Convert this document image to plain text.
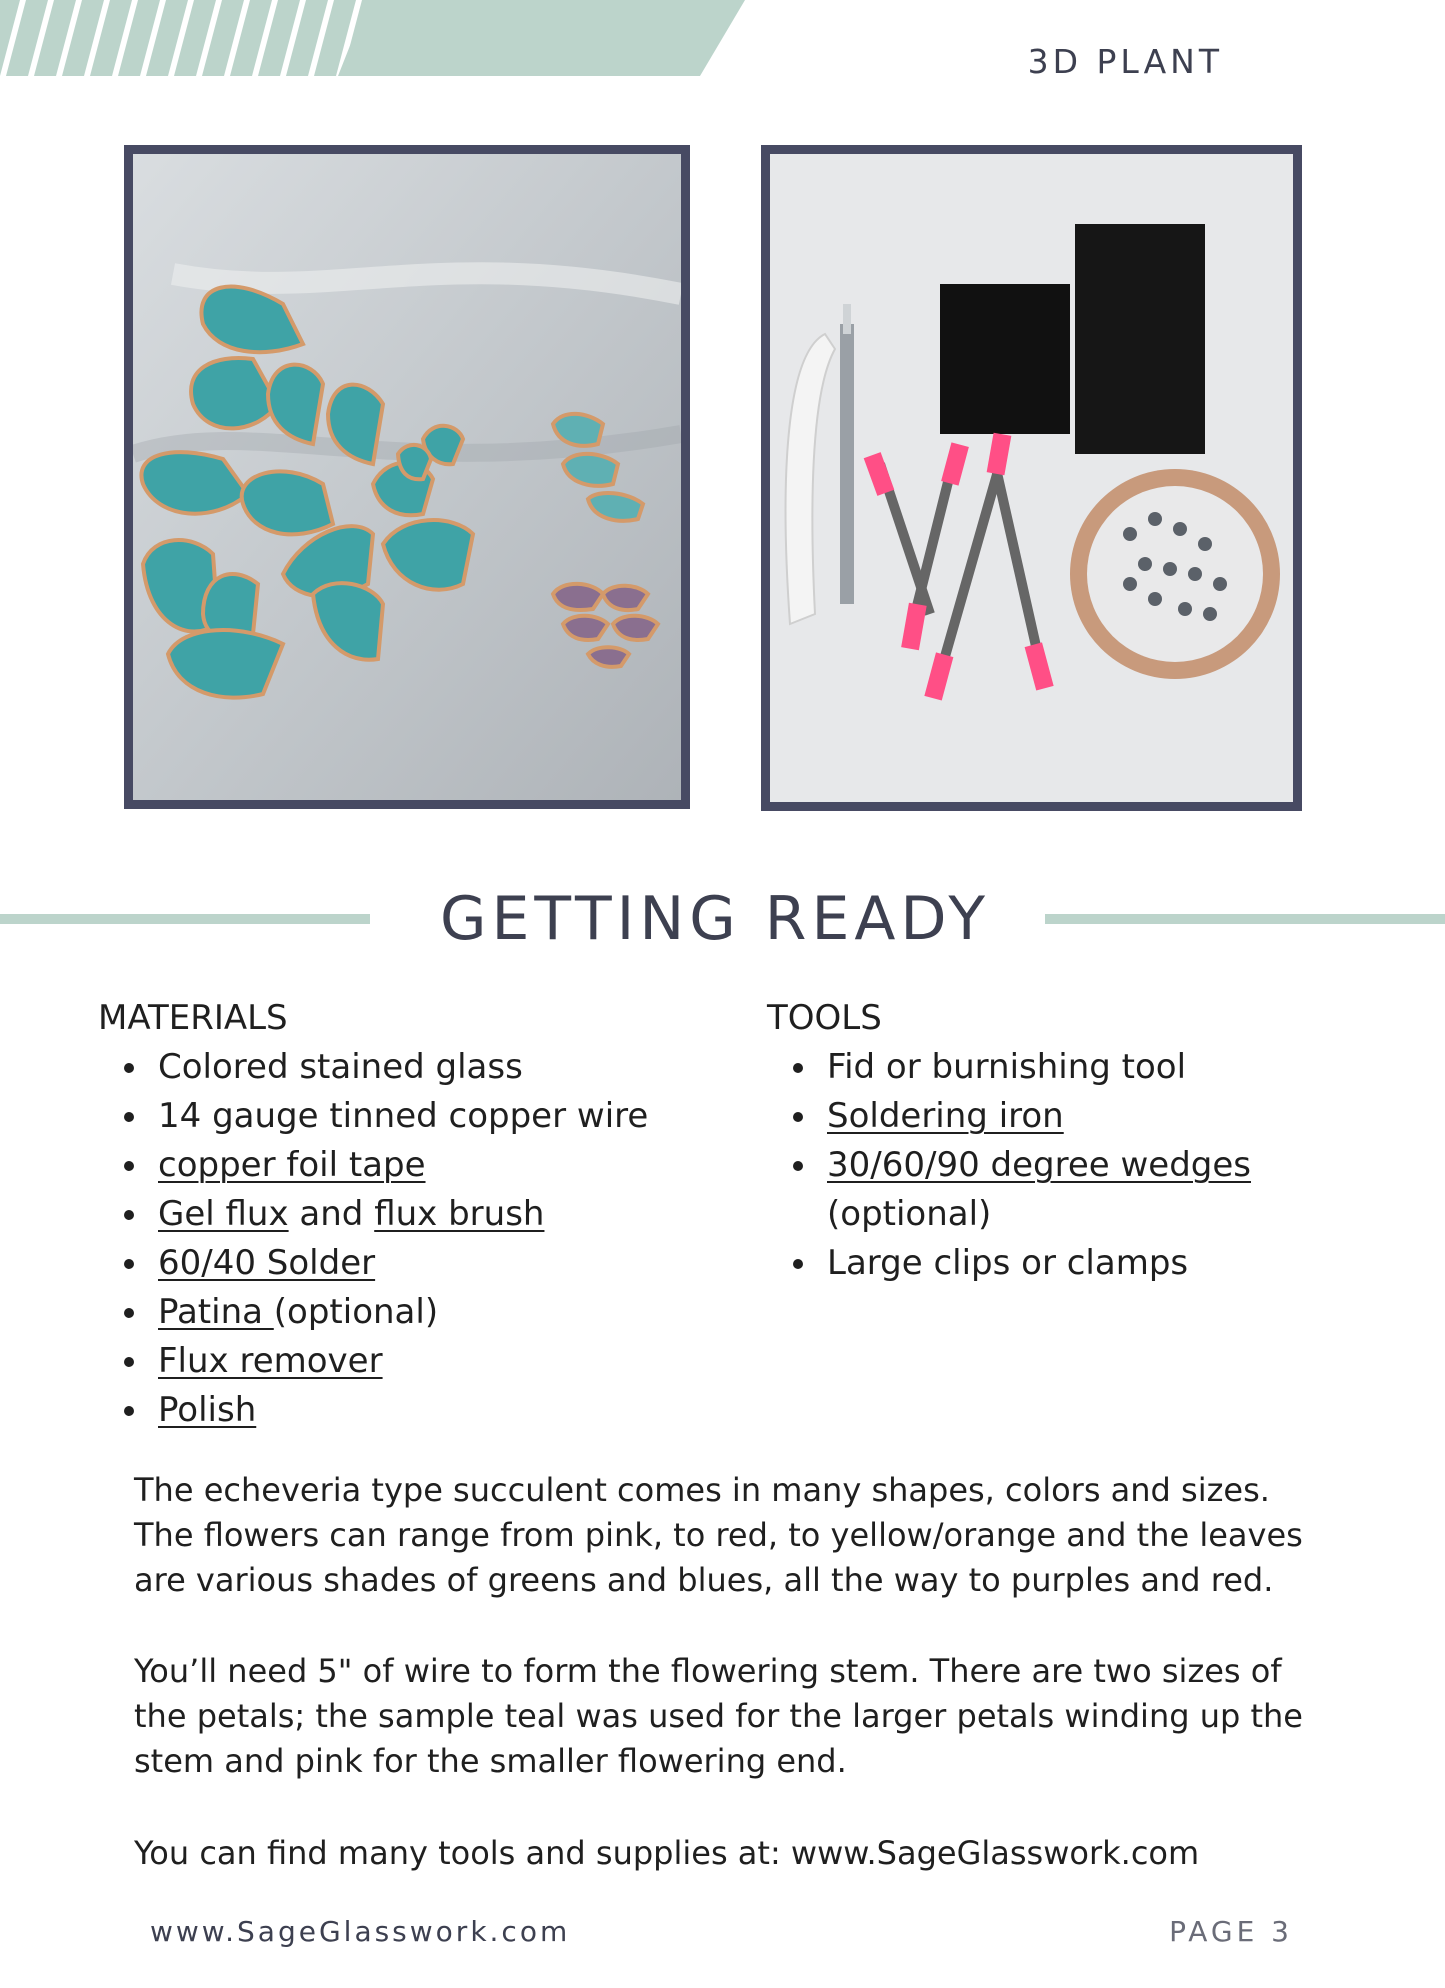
3D PLANT
GETTING READY
MATERIALS
Colored stained glass
14 gauge tinned copper wire
copper foil tape
Gel flux and flux brush
60/40 Solder
Patina (optional)
Flux remover
Polish
TOOLS
Fid or burnishing tool
Soldering iron
30/60/90 degree wedges
(optional)
Large clips or clamps

The echeveria type succulent comes in many shapes, colors and sizes. The flowers can range from pink, to red, to yellow/orange and the leaves are various shades of greens and blues, all the way to purples and red.

You’ll need 5" of wire to form the flowering stem. There are two sizes of the petals; the sample teal was used for the larger petals winding up the stem and pink for the smaller flowering end.

You can find many tools and supplies at: www.SageGlasswork.com

www.SageGlasswork.com	PAGE 3
